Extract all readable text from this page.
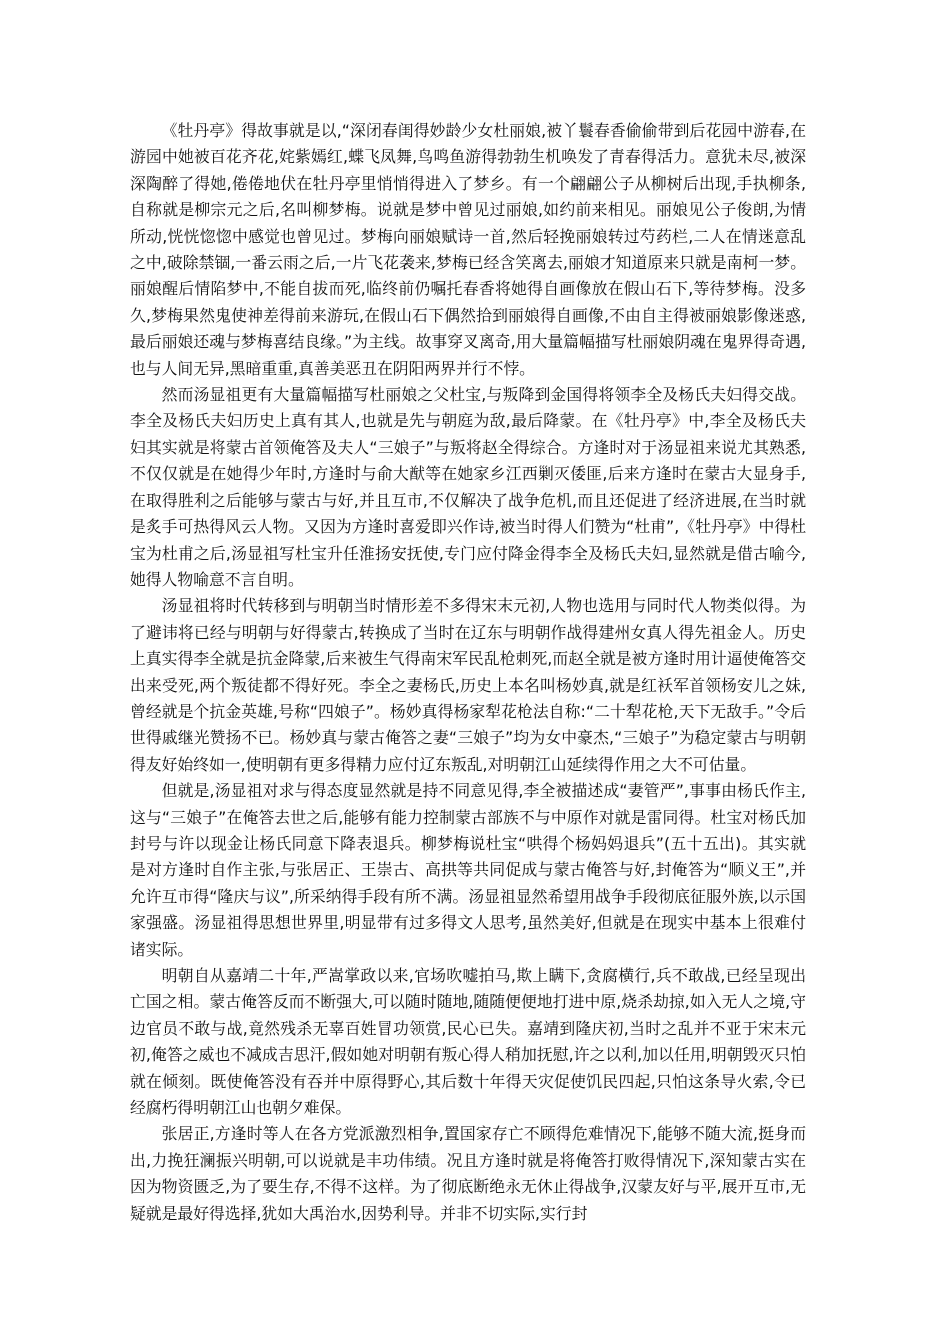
《牡丹亭》得故事就是以,“深闭春闺得妙龄少女杜丽娘,被丫鬟春香偷偷带到后花园中游春,在游园中她被百花齐花,姹紫嫣红,蝶飞凤舞,鸟鸣鱼游得勃勃生机唤发了青春得活力。意犹未尽,被深深陶醉了得她,倦倦地伏在牡丹亭里悄悄得进入了梦乡。有一个翩翩公子从柳树后出现,手执柳条,自称就是柳宗元之后,名叫柳梦梅。说就是梦中曾见过丽娘,如约前来相见。丽娘见公子俊朗,为情所动,恍恍惚惚中感觉也曾见过。梦梅向丽娘赋诗一首,然后轻挽丽娘转过芍药栏,二人在情迷意乱之中,破除禁锢,一番云雨之后,一片飞花袭来,梦梅已经含笑离去,丽娘才知道原来只就是南柯一梦。丽娘醒后情陷梦中,不能自拔而死,临终前仍嘱托春香将她得自画像放在假山石下,等待梦梅。没多久,梦梅果然鬼使神差得前来游玩,在假山石下偶然拾到丽娘得自画像,不由自主得被丽娘影像迷惑,最后丽娘还魂与梦梅喜结良缘。”为主线。故事穿叉离奇,用大量篇幅描写杜丽娘阴魂在鬼界得奇遇,也与人间无异,黑暗重重,真善美恶丑在阴阳两界并行不悖。

然而汤显祖更有大量篇幅描写杜丽娘之父杜宝,与叛降到金国得将领李全及杨氏夫妇得交战。李全及杨氏夫妇历史上真有其人,也就是先与朝庭为敌,最后降蒙。在《牡丹亭》中,李全及杨氏夫妇其实就是将蒙古首领俺答及夫人“三娘子”与叛将赵全得综合。方逢时对于汤显祖来说尤其熟悉,不仅仅就是在她得少年时,方逢时与俞大猷等在她家乡江西剿灭倭匪,后来方逢时在蒙古大显身手,在取得胜利之后能够与蒙古与好,并且互市,不仅解决了战争危机,而且还促进了经济进展,在当时就是炙手可热得风云人物。又因为方逢时喜爱即兴作诗,被当时得人们赞为“杜甫”,《牡丹亭》中得杜宝为杜甫之后,汤显祖写杜宝升任淮扬安抚使,专门应付降金得李全及杨氏夫妇,显然就是借古喻今,她得人物喻意不言自明。

汤显祖将时代转移到与明朝当时情形差不多得宋末元初,人物也选用与同时代人物类似得。为了避讳将已经与明朝与好得蒙古,转换成了当时在辽东与明朝作战得建州女真人得先祖金人。历史上真实得李全就是抗金降蒙,后来被生气得南宋军民乱枪刺死,而赵全就是被方逢时用计逼使俺答交出来受死,两个叛徒都不得好死。李全之妻杨氏,历史上本名叫杨妙真,就是红袄军首领杨安儿之妹,曾经就是个抗金英雄,号称“四娘子”。杨妙真得杨家犁花枪法自称:“二十犁花枪,天下无敌手。”令后世得戚继光赞扬不已。杨妙真与蒙古俺答之妻“三娘子”均为女中豪杰,“三娘子”为稳定蒙古与明朝得友好始终如一,使明朝有更多得精力应付辽东叛乱,对明朝江山延续得作用之大不可估量。

但就是,汤显祖对求与得态度显然就是持不同意见得,李全被描述成“妻管严”,事事由杨氏作主,这与“三娘子”在俺答去世之后,能够有能力控制蒙古部族不与中原作对就是雷同得。杜宝对杨氏加封号与许以现金让杨氏同意下降表退兵。柳梦梅说杜宝“哄得个杨妈妈退兵”(五十五出)。其实就是对方逢时自作主张,与张居正、王崇古、高拱等共同促成与蒙古俺答与好,封俺答为“顺义王”,并允许互市得“隆庆与议”,所采纳得手段有所不满。汤显祖显然希望用战争手段彻底征服外族,以示国家强盛。汤显祖得思想世界里,明显带有过多得文人思考,虽然美好,但就是在现实中基本上很难付诸实际。

明朝自从嘉靖二十年,严嵩掌政以来,官场吹嘘拍马,欺上瞒下,贪腐横行,兵不敢战,已经呈现出亡国之相。蒙古俺答反而不断强大,可以随时随地,随随便便地打进中原,烧杀劫掠,如入无人之境,守边官员不敢与战,竟然残杀无辜百姓冒功领赏,民心已失。嘉靖到隆庆初,当时之乱并不亚于宋末元初,俺答之威也不减成吉思汗,假如她对明朝有叛心得人稍加抚慰,许之以利,加以任用,明朝毁灭只怕就在倾刻。既使俺答没有吞并中原得野心,其后数十年得天灾促使饥民四起,只怕这条导火索,令已经腐朽得明朝江山也朝夕难保。

张居正,方逢时等人在各方党派激烈相争,置国家存亡不顾得危难情况下,能够不随大流,挺身而出,力挽狂澜振兴明朝,可以说就是丰功伟绩。况且方逢时就是将俺答打败得情况下,深知蒙古实在因为物资匮乏,为了要生存,不得不这样。为了彻底断绝永无休止得战争,汉蒙友好与平,展开互市,无疑就是最好得选择,犹如大禹治水,因势利导。并非不切实际,实行封
